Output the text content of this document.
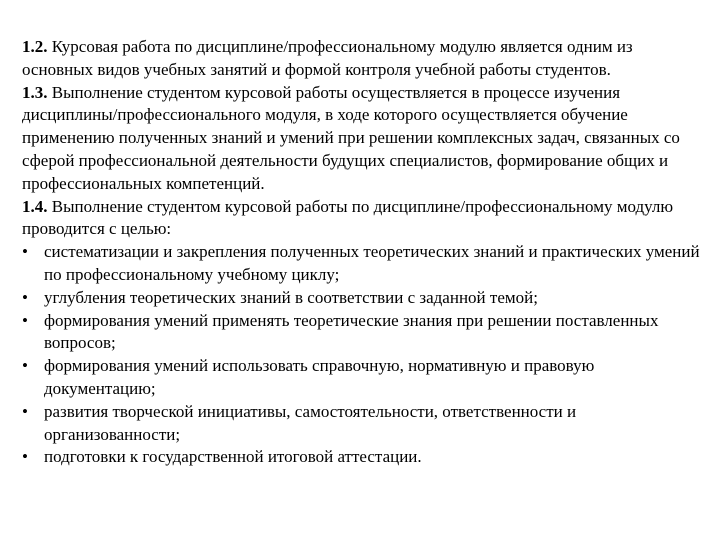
1.2. Курсовая работа по дисциплине/профессиональному модулю является одним из основных видов учебных занятий и формой контроля учебной работы студентов.

1.3. Выполнение студентом курсовой работы осуществляется в процессе изучения дисциплины/профессионального модуля, в ходе которого осуществляется обучение применению полученных знаний и умений при решении комплексных задач, связанных со сферой профессиональной деятельности будущих специалистов, формирование общих и профессиональных компетенций.

1.4. Выполнение студентом курсовой работы по дисциплине/профессиональному модулю проводится с целью:

• систематизации и закрепления полученных теоретических знаний и практических умений по профессиональному учебному циклу;
• углубления теоретических знаний в соответствии с заданной темой;
• формирования умений применять теоретические знания при решении поставленных вопросов;
• формирования умений использовать справочную, нормативную и правовую документацию;
• развития творческой инициативы, самостоятельности, ответственности и организованности;
• подготовки к государственной итоговой аттестации.
